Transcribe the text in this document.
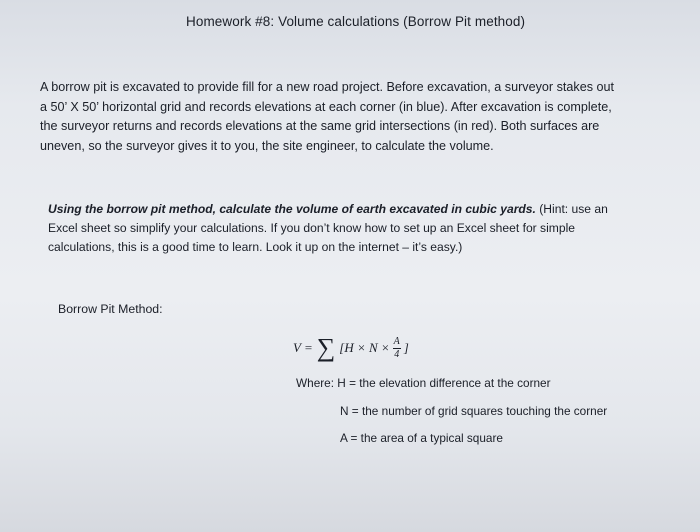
Homework #8: Volume calculations (Borrow Pit method)
A borrow pit is excavated to provide fill for a new road project. Before excavation, a surveyor stakes out
a 50’ X 50’ horizontal grid and records elevations at each corner (in blue). After excavation is complete,
the surveyor returns and records elevations at the same grid intersections (in red). Both surfaces are
uneven, so the surveyor gives it to you, the site engineer, to calculate the volume.
Using the borrow pit method, calculate the volume of earth excavated in cubic yards. (Hint: use an
Excel sheet so simplify your calculations. If you don’t know how to set up an Excel sheet for simple
calculations, this is a good time to learn. Look it up on the internet – it’s easy.)
Borrow Pit Method:
V = ∑ [$H \times N \times \frac{A}{4}$ ]
Where: H = the elevation difference at the corner
N = the number of grid squares touching the corner
A = the area of a typical square
